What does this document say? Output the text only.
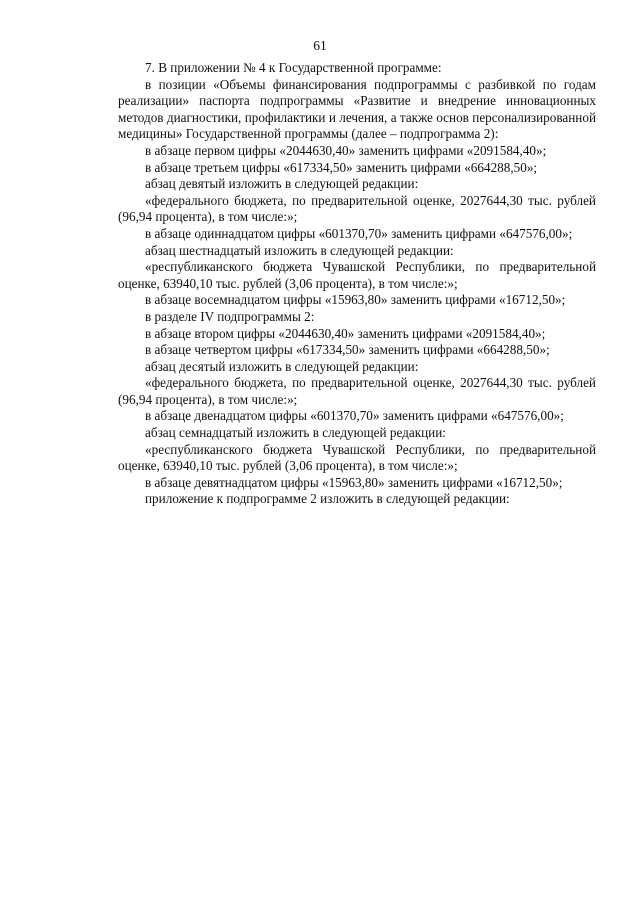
61

7. В приложении № 4 к Государственной программе:

в позиции «Объемы финансирования подпрограммы с разбивкой по годам реализации» паспорта подпрограммы «Развитие и внедрение инновационных методов диагностики, профилактики и лечения, а также основ персонализированной медицины» Государственной программы (далее – подпрограмма 2):

в абзаце первом цифры «2044630,40» заменить цифрами «2091584,40»;

в абзаце третьем цифры «617334,50» заменить цифрами «664288,50»;

абзац девятый изложить в следующей редакции:

«федерального бюджета, по предварительной оценке, 2027644,30 тыс. рублей (96,94 процента), в том числе:»;

в абзаце одиннадцатом цифры «601370,70» заменить цифрами «647576,00»;

абзац шестнадцатый изложить в следующей редакции:

«республиканского бюджета Чувашской Республики, по предварительной оценке, 63940,10 тыс. рублей (3,06 процента), в том числе:»;

в абзаце восемнадцатом цифры «15963,80» заменить цифрами «16712,50»;

в разделе IV подпрограммы 2:

в абзаце втором цифры «2044630,40» заменить цифрами «2091584,40»;

в абзаце четвертом цифры «617334,50» заменить цифрами «664288,50»;

абзац десятый изложить в следующей редакции:

«федерального бюджета, по предварительной оценке, 2027644,30 тыс. рублей (96,94 процента), в том числе:»;

в абзаце двенадцатом цифры «601370,70» заменить цифрами «647576,00»;

абзац семнадцатый изложить в следующей редакции:

«республиканского бюджета Чувашской Республики, по предварительной оценке, 63940,10 тыс. рублей (3,06 процента), в том числе:»;

в абзаце девятнадцатом цифры «15963,80» заменить цифрами «16712,50»;

приложение к подпрограмме 2 изложить в следующей редакции:
